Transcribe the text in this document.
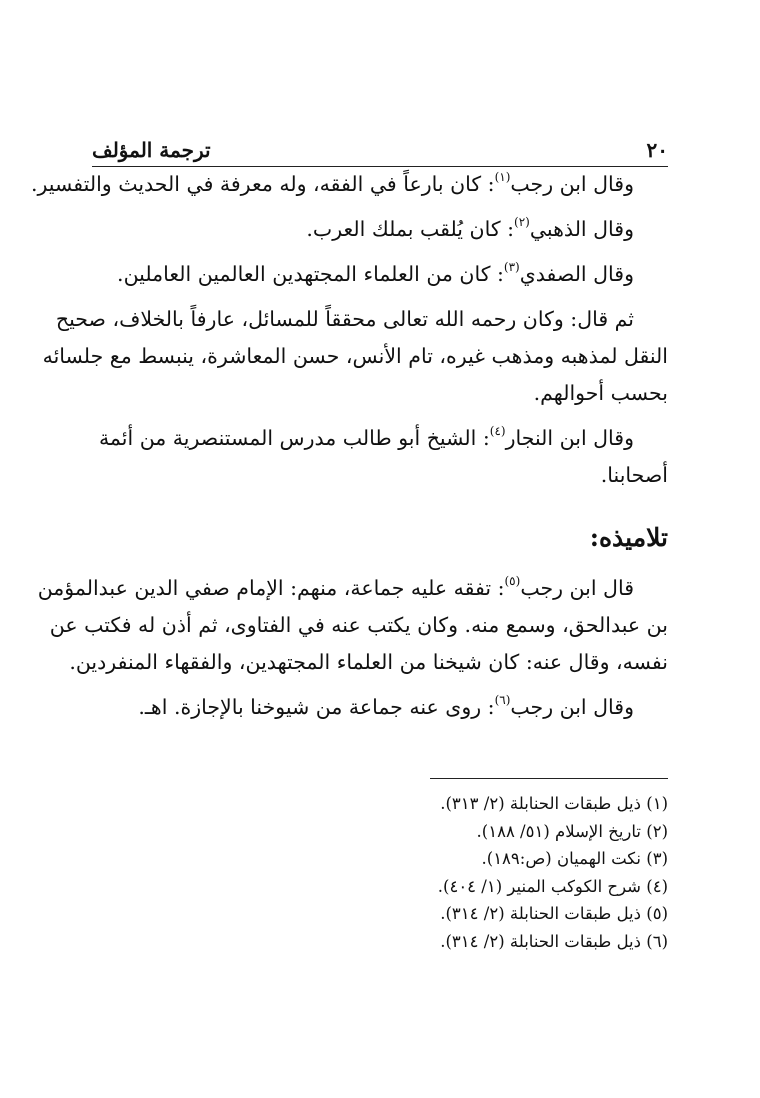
٢٠
ترجمة المؤلف
وقال ابن رجب$^{(١)}$: كان بارعاً في الفقه، وله معرفة في الحديث والتفسير.
وقال الذهبي$^{(٢)}$: كان يُلقب بملك العرب.
وقال الصفدي$^{(٣)}$: كان من العلماء المجتهدين العالمين العاملين.
ثم قال: وكان رحمه الله تعالى محققاً للمسائل، عارفاً بالخلاف، صحيح
النقل لمذهبه ومذهب غيره، تام الأنس، حسن المعاشرة، ينبسط مع جلسائه
بحسب أحوالهم.
وقال ابن النجار$^{(٤)}$: الشيخ أبو طالب مدرس المستنصرية من أئمة
أصحابنا.
تلاميذه:
قال ابن رجب$^{(٥)}$: تفقه عليه جماعة، منهم: الإمام صفي الدين عبدالمؤمن
بن عبدالحق، وسمع منه. وكان يكتب عنه في الفتاوى، ثم أذن له فكتب عن
نفسه، وقال عنه: كان شيخنا من العلماء المجتهدين، والفقهاء المنفردين.
وقال ابن رجب$^{(٦)}$: روى عنه جماعة من شيوخنا بالإجازة. اهـ.
(١) ذيل طبقات الحنابلة (٢/ ٣١٣).
(٢) تاريخ الإسلام (٥١/ ١٨٨).
(٣) نكت الهميان (ص:١٨٩).
(٤) شرح الكوكب المنير (١/ ٤٠٤).
(٥) ذيل طبقات الحنابلة (٢/ ٣١٤).
(٦) ذيل طبقات الحنابلة (٢/ ٣١٤).
